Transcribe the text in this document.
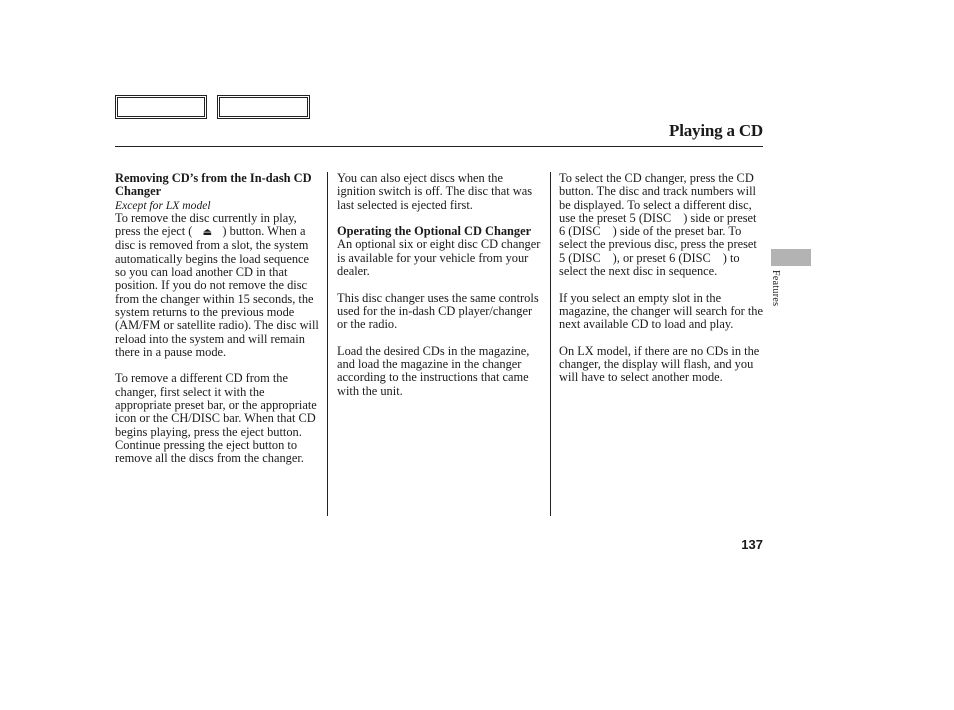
Playing a CD

Removing CD’s from the In-dash CD Changer

Except for LX model

To remove the disc currently in play, press the eject ( ⏏ ) button. When a disc is removed from a slot, the system automatically begins the load sequence so you can load another CD in that position. If you do not remove the disc from the changer within 15 seconds, the system returns to the previous mode (AM/FM or satellite radio). The disc will reload into the system and will remain there in a pause mode.

To remove a different CD from the changer, first select it with the appropriate preset bar, or the appropriate icon or the CH/DISC bar. When that CD begins playing, press the eject button. Continue pressing the eject button to remove all the discs from the changer.

You can also eject discs when the ignition switch is off. The disc that was last selected is ejected first.

Operating the Optional CD Changer

An optional six or eight disc CD changer is available for your vehicle from your dealer.

This disc changer uses the same controls used for the in-dash CD player/changer or the radio.

Load the desired CDs in the magazine, and load the magazine in the changer according to the instructions that came with the unit.

To select the CD changer, press the CD button. The disc and track numbers will be displayed. To select a different disc, use the preset 5 (DISC ) side or preset 6 (DISC ) side of the preset bar. To select the previous disc, press the preset 5 (DISC ), or preset 6 (DISC ) to select the next disc in sequence.

If you select an empty slot in the magazine, the changer will search for the next available CD to load and play.

On LX model, if there are no CDs in the changer, the display will flash, and you will have to select another mode.

Features
137
